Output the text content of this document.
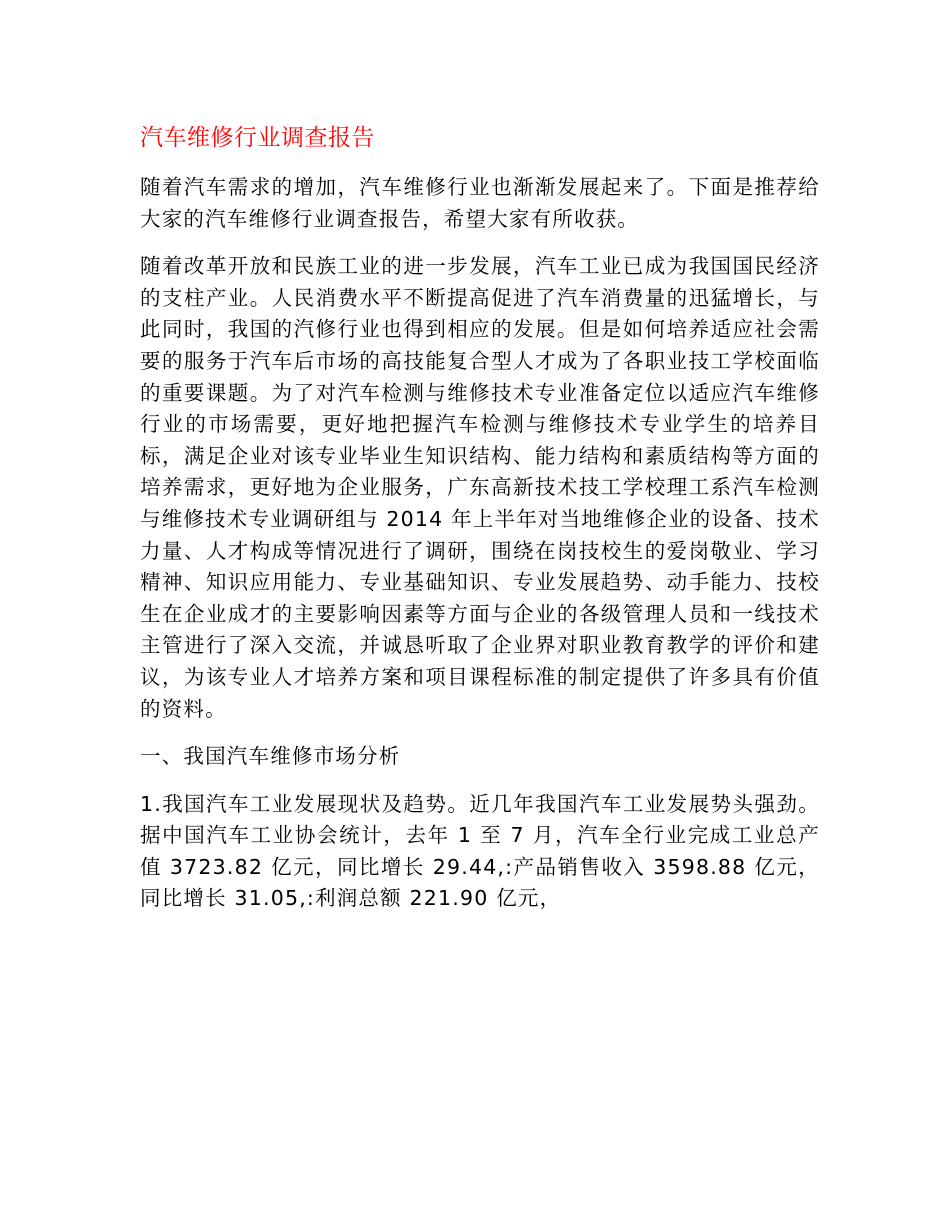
汽车维修行业调查报告

随着汽车需求的增加，汽车维修行业也渐渐发展起来了。下面是推荐给大家的汽车维修行业调查报告，希望大家有所收获。

随着改革开放和民族工业的进一步发展，汽车工业已成为我国国民经济的支柱产业。人民消费水平不断提高促进了汽车消费量的迅猛增长，与此同时，我国的汽修行业也得到相应的发展。但是如何培养适应社会需要的服务于汽车后市场的高技能复合型人才成为了各职业技工学校面临的重要课题。为了对汽车检测与维修技术专业准备定位以适应汽车维修行业的市场需要，更好地把握汽车检测与维修技术专业学生的培养目标，满足企业对该专业毕业生知识结构、能力结构和素质结构等方面的培养需求，更好地为企业服务，广东高新技术技工学校理工系汽车检测与维修技术专业调研组与 2014 年上半年对当地维修企业的设备、技术力量、人才构成等情况进行了调研，围绕在岗技校生的爱岗敬业、学习精神、知识应用能力、专业基础知识、专业发展趋势、动手能力、技校生在企业成才的主要影响因素等方面与企业的各级管理人员和一线技术主管进行了深入交流，并诚恳听取了企业界对职业教育教学的评价和建议，为该专业人才培养方案和项目课程标准的制定提供了许多具有价值的资料。

一、我国汽车维修市场分析

1.我国汽车工业发展现状及趋势。近几年我国汽车工业发展势头强劲。据中国汽车工业协会统计，去年 1 至 7 月，汽车全行业完成工业总产值 3723.82 亿元，同比增长 29.44,:产品销售收入 3598.88 亿元，同比增长 31.05,:利润总额 221.90 亿元，
